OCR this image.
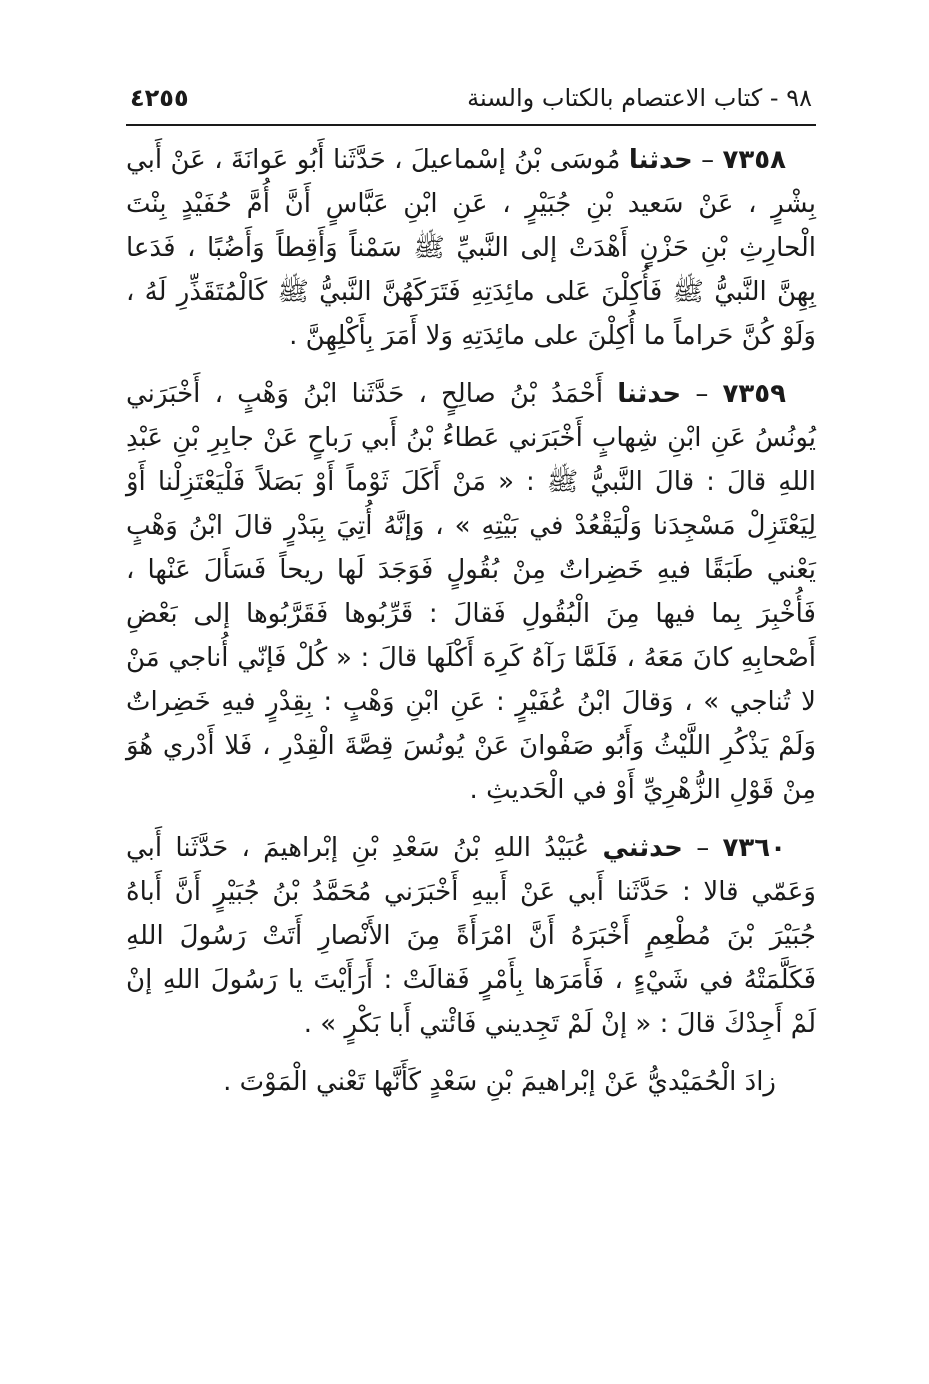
٩٨ - كتاب الاعتصام بالكتاب والسنة
٤٢٥٥

٧٣٥٨ – حدثنا مُوسَى بْنُ إسْماعيلَ ، حَدَّثَنا أَبُو عَوانَةَ ، عَنْ أَبي بِشْرٍ ، عَنْ سَعيد بْنِ جُبَيْرٍ ، عَنِ ابْنِ عَبَّاسٍ أَنَّ أُمَّ حُفَيْدٍ بِنْتَ الْحارِثِ بْنِ حَزْنٍ أَهْدَتْ إلى النَّبيِّ ﷺ سَمْناً وَأَقِطاً وَأَضُبًا ، فَدَعا بِهِنَّ النَّبيُّ ﷺ فَأُكِلْنَ عَلى مائِدَتِهِ فَتَرَكَهُنَّ النَّبيُّ ﷺ كَالْمُتَقَذِّرِ لَهُ ، وَلَوْ كُنَّ حَراماً ما أُكِلْنَ على مائِدَتِهِ وَلا أَمَرَ بِأَكْلِهِنَّ .

٧٣٥٩ – حدثنا أَحْمَدُ بْنُ صالِحٍ ، حَدَّثَنا ابْنُ وَهْبٍ ، أَخْبَرَني يُونُسُ عَنِ ابْنِ شِهابٍ أَخْبَرَني عَطاءُ بْنُ أَبي رَباحٍ عَنْ جابِرِ بْنِ عَبْدِ اللهِ قالَ : قالَ النَّبيُّ ﷺ : « مَنْ أَكَلَ ثَوْماً أَوْ بَصَلاً فَلْيَعْتَزِلْنا أَوْ لِيَعْتَزِلْ مَسْجِدَنا وَلْيَقْعُدْ في بَيْتِهِ » ، وَإنَّهُ أُتِيَ بِبَدْرٍ قالَ ابْنُ وَهْبٍ يَعْني طَبَقًا فيهِ خَضِراتٌ مِنْ بُقُولٍ فَوَجَدَ لَها ريحاً فَسَأَلَ عَنْها ، فَأُخْبِرَ بِما فيها مِنَ الْبُقُولِ فَقالَ : قَرِّبُوها فَقَرَّبُوها إلى بَعْضِ أَصْحابِهِ كانَ مَعَهُ ، فَلَمَّا رَآهُ كَرِهَ أَكْلَها قالَ : « كُلْ فَإنّي أُناجي مَنْ لا تُناجي » ، وَقالَ ابْنُ عُفَيْرٍ : عَنِ ابْنِ وَهْبٍ : بِقِدْرٍ فيهِ خَضِراتٌ وَلَمْ يَذْكُرِ اللَّيْثُ وَأَبُو صَفْوانَ عَنْ يُونُسَ قِصَّةَ الْقِدْرِ ، فَلا أَدْري هُوَ مِنْ قَوْلِ الزُّهْرِيِّ أَوْ في الْحَديثِ .

٧٣٦٠ – حدثني عُبَيْدُ اللهِ بْنُ سَعْدِ بْنِ إبْراهيمَ ، حَدَّثَنا أَبي وَعَمّي قالا : حَدَّثَنا أَبي عَنْ أَبيهِ أَخْبَرَني مُحَمَّدُ بْنُ جُبَيْرٍ أَنَّ أَباهُ جُبَيْرَ بْنَ مُطْعِمٍ أَخْبَرَهُ أَنَّ امْرَأَةً مِنَ الأَنْصارِ أَتَتْ رَسُولَ اللهِ فَكَلَّمَتْهُ في شَيْءٍ ، فَأَمَرَها بِأَمْرٍ فَقالَتْ : أَرَأَيْتَ يا رَسُولَ اللهِ إنْ لَمْ أَجِدْكَ قالَ : « إنْ لَمْ تَجِديني فَائْتي أَبا بَكْرٍ » .

زادَ الْحُمَيْديُّ عَنْ إبْراهيمَ بْنِ سَعْدٍ كَأَنَّها تَعْني الْمَوْتَ .
